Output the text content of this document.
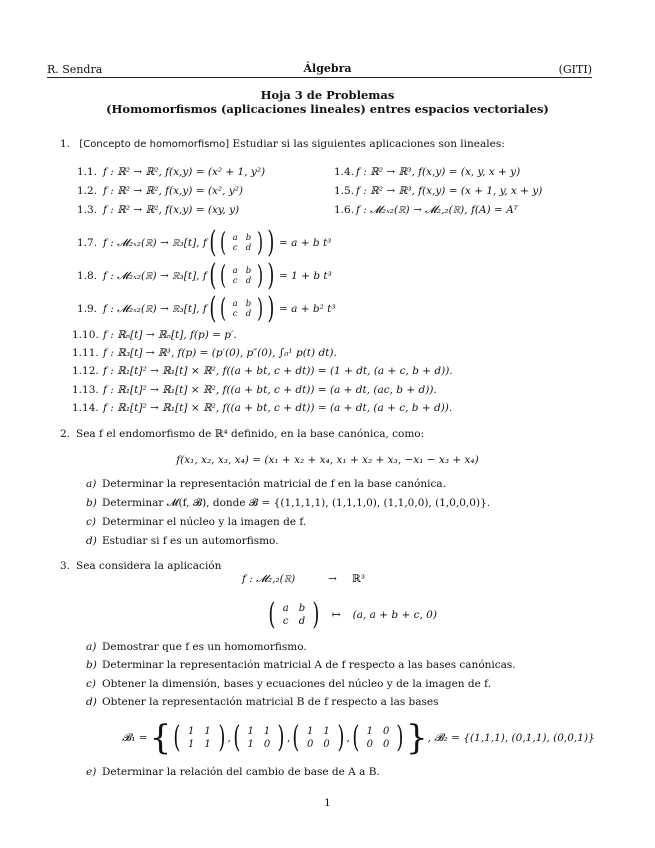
R. Sendra	Álgebra	(GITI)
Hoja 3 de Problemas
(Homomorfismos (aplicaciones lineales) entres espacios vectoriales)
1. [Concepto de homomorfismo] Estudiar si las siguientes aplicaciones son lineales:
1.1. f : ℝ² → ℝ², f(x,y) = (x² + 1, y²)
1.2. f : ℝ² → ℝ², f(x,y) = (x², y²)
1.3. f : ℝ² → ℝ², f(x,y) = (xy, y)
1.4. f : ℝ² → ℝ³, f(x,y) = (x, y, x + y)
1.5. f : ℝ² → ℝ³, f(x,y) = (x + 1, y, x + y)
1.6. f : 𝓜₂ₓ₂(ℝ) → 𝓜₂,₂(ℝ), f(A) = Aᵀ
1.7. f : 𝓜₂ₓ₂(ℝ) → ℝ₃[t], f ( ( a	b
c	d ) ) = a + b t³
1.8. f : 𝓜₂ₓ₂(ℝ) → ℝ₃[t], f ( ( a	b
c	d ) ) = 1 + b t³
1.9. f : 𝓜₂ₓ₂(ℝ) → ℝ₃[t], f ( ( a	b
c	d ) ) = a + b² t³
1.10. f : ℝₙ[t] → ℝₙ[t], f(p) = p′.
1.11. f : ℝ₃[t] → ℝ³, f(p) = (p′(0), p″(0), ∫₀¹ p(t) dt).
1.12. f : ℝ₁[t]² → ℝ₁[t] × ℝ², f((a + bt, c + dt)) = (1 + dt, (a + c, b + d)).
1.13. f : ℝ₁[t]² → ℝ₁[t] × ℝ², f((a + bt, c + dt)) = (a + dt, (ac, b + d)).
1.14. f : ℝ₁[t]² → ℝ₁[t] × ℝ², f((a + bt, c + dt)) = (a + dt, (a + c, b + d)).
2. Sea f el endomorfismo de ℝ⁴ definido, en la base canónica, como:
f(x₁, x₂, x₃, x₄) = (x₁ + x₂ + x₄, x₁ + x₂ + x₃, −x₁ − x₃ + x₄)
a) Determinar la representación matricial de f en la base canónica.
b) Determinar 𝓜(f, 𝓑), donde 𝓑 = {(1,1,1,1), (1,1,1,0), (1,1,0,0), (1,0,0,0)}.
c) Determinar el núcleo y la imagen de f.
d) Estudiar si f es un automorfismo.
3. Sea considera la aplicación
f : 𝓜₂,₂(ℝ)	→ ℝ³
( a	b
c	d ) ↦ (a, a + b + c, 0)
a) Demostrar que f es un homomorfismo.
b) Determinar la representación matricial A de f respecto a las bases canónicas.
c) Obtener la dimensión, bases y ecuaciones del núcleo y de la imagen de f.
d) Obtener la representación matricial B de f respecto a las bases
𝓑₁ = { ( 1	1
1	1 ) , ( 1	1
1	0 ) , ( 1	1
0	0 ) , ( 1	0
0	0 ) } , 𝓑₂ = {(1,1,1), (0,1,1), (0,0,1)}
e) Determinar la relación del cambio de base de A a B.
1
